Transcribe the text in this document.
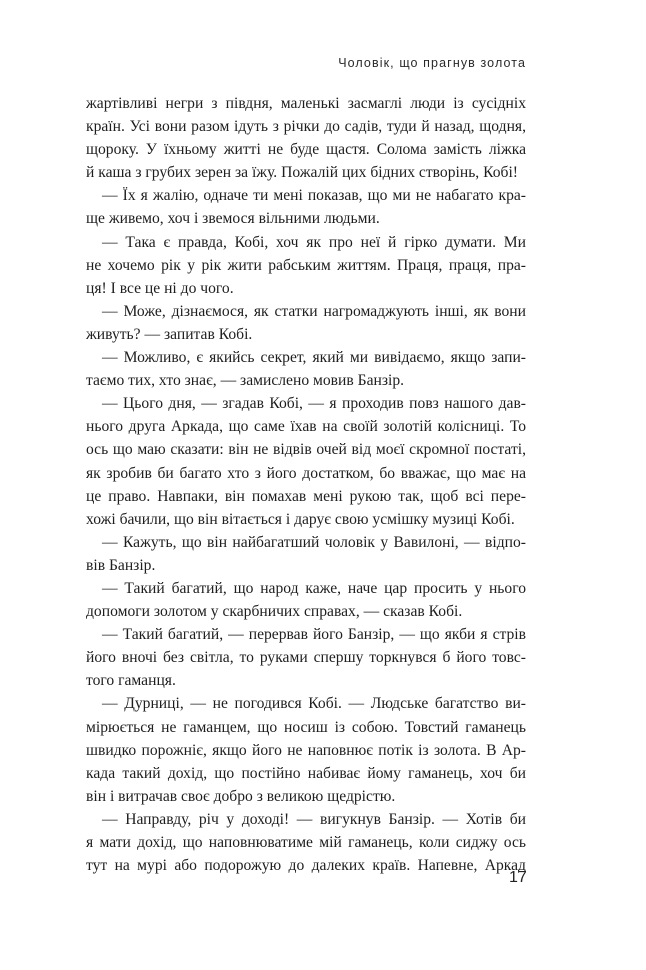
Чоловік, що прагнув золота
жартівливі негри з півдня, маленькі засмаглі люди із сусідніх
країн. Усі вони разом ідуть з річки до садів, туди й назад, щодня,
щороку. У їхньому житті не буде щастя. Солома замість ліжка
й каша з грубих зерен за їжу. Пожалій цих бідних створінь, Кобі!
— Їх я жалію, одначе ти мені показав, що ми не набагато кра-
ще живемо, хоч і звемося вільними людьми.
— Така є правда, Кобі, хоч як про неї й гірко думати. Ми
не хочемо рік у рік жити рабським життям. Праця, праця, пра-
ця! І все це ні до чого.
— Може, дізнаємося, як статки нагромаджують інші, як вони
живуть? — запитав Кобі.
— Можливо, є якийсь секрет, який ми вивідаємо, якщо запи-
таємо тих, хто знає, — замислено мовив Банзір.
— Цього дня, — згадав Кобі, — я проходив повз нашого дав-
нього друга Аркада, що саме їхав на своїй золотій колісниці. То
ось що маю сказати: він не відвів очей від моєї скромної постаті,
як зробив би багато хто з його достатком, бо вважає, що має на
це право. Навпаки, він помахав мені рукою так, щоб всі пере-
хожі бачили, що він вітається і дарує свою усмішку музиці Кобі.
— Кажуть, що він найбагатший чоловік у Вавилоні, — відпо-
вів Банзір.
— Такий багатий, що народ каже, наче цар просить у нього
допомоги золотом у скарбничих справах, — сказав Кобі.
— Такий багатий, — перервав його Банзір, — що якби я стрів
його вночі без світла, то руками спершу торкнувся б його товс-
того гаманця.
— Дурниці, — не погодився Кобі. — Людське багатство ви-
мірюється не гаманцем, що носиш із собою. Товстий гаманець
швидко порожніє, якщо його не наповнює потік із золота. В Ар-
када такий дохід, що постійно набиває йому гаманець, хоч би
він і витрачав своє добро з великою щедрістю.
— Направду, річ у доході! — вигукнув Банзір. — Хотів би
я мати дохід, що наповнюватиме мій гаманець, коли сиджу ось
тут на мурі або подорожую до далеких країв. Напевне, Аркад
17
